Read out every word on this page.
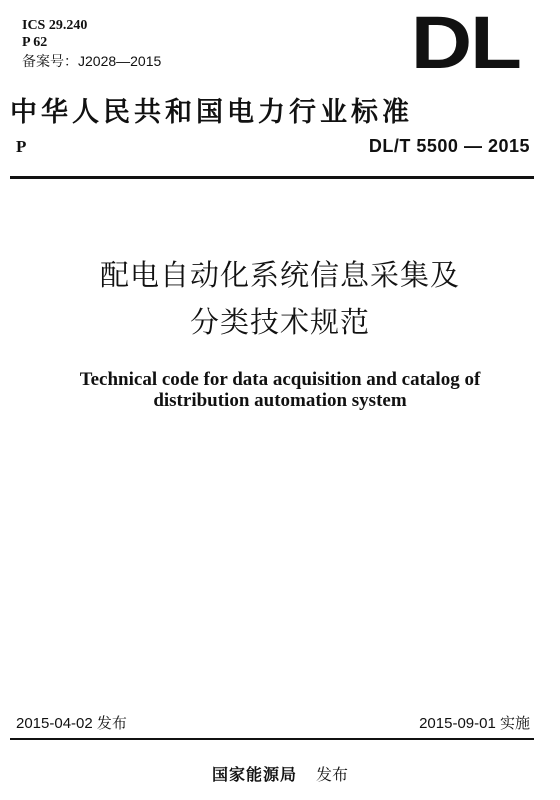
ICS 29.240
P 62
备案号：J2028—2015	DL
中华人民共和国电力行业标准
P	DL/T 5500 — 2015
配电自动化系统信息采集及
分类技术规范
Technical code for data acquisition and catalog of
distribution automation system
2015-04-02 发布	2015-09-01 实施
国家能源局 发布
